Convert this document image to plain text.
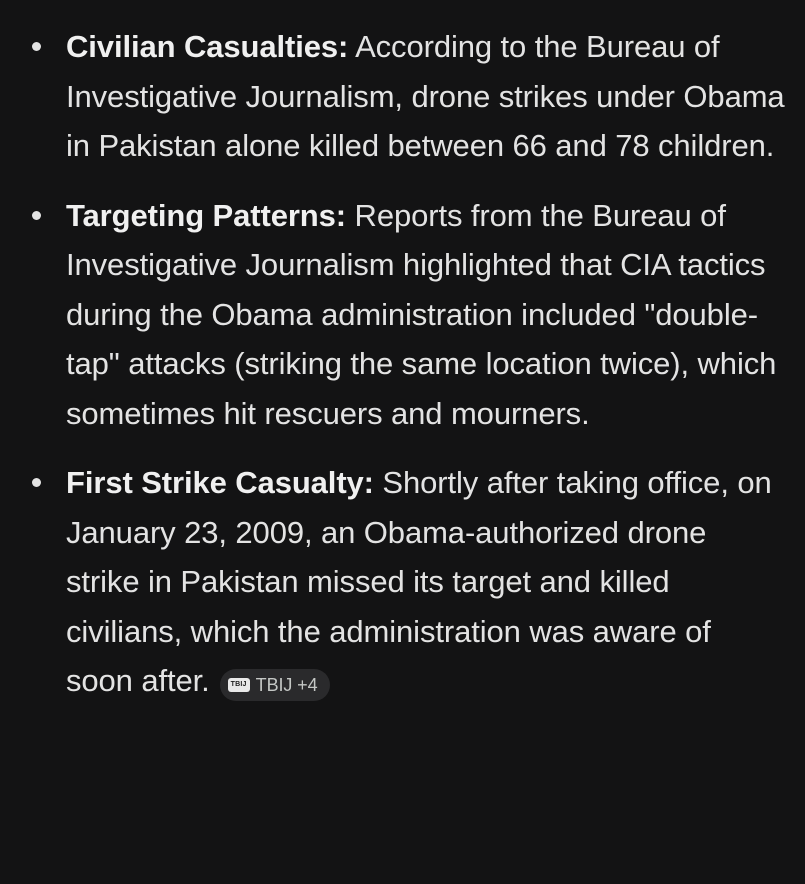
Civilian Casualties: According to the Bureau of Investigative Journalism, drone strikes under Obama in Pakistan alone killed between 66 and 78 children.
Targeting Patterns: Reports from the Bureau of Investigative Journalism highlighted that CIA tactics during the Obama administration included "double-tap" attacks (striking the same location twice), which sometimes hit rescuers and mourners.
First Strike Casualty: Shortly after taking office, on January 23, 2009, an Obama-authorized drone strike in Pakistan missed its target and killed civilians, which the administration was aware of soon after.	TBIJ TBIJ +4
